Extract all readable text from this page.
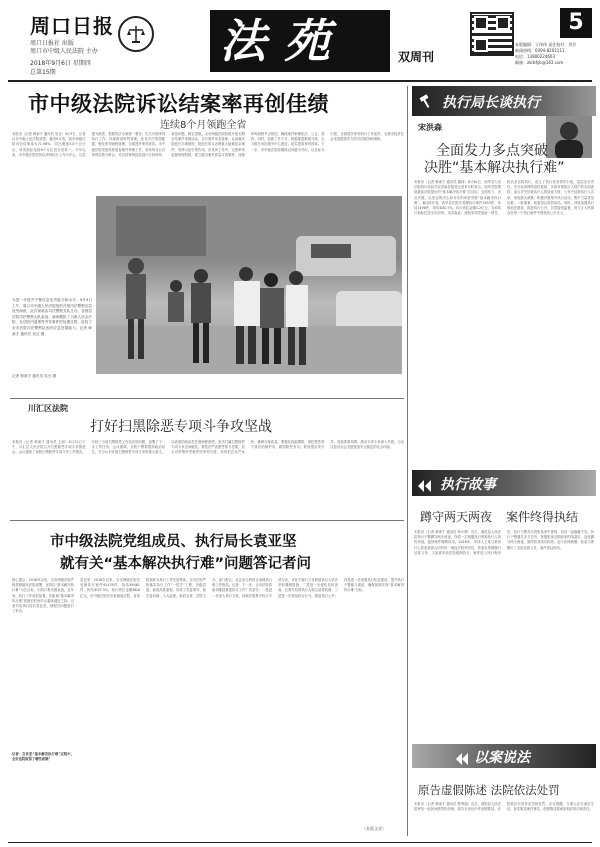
周口日报
周口日报社 出版
周口市中级人民法院 主办
2018年9月6日 星期四
总第15期
法苑	双周刊
5
本版编辑：王伟伟 责任校对：刘芳
新闻热线：0394-8202111
电话：13900224603
邮箱：zkrbfyb@163.com
市中级法院诉讼结案率再创佳绩
连续8个月领跑全省
本报讯（记者 韩秉才 通讯员 吴豆）9月3日，记者从市中级人民法院获悉，截至8月底，我市两级法院诉讼结案率为71.96%，同比增加5.8个百分点，该项指标连续8个月位居全省第一。今年以来，市中级法院坚持以审判执行工作为中心，以党建为统领，狠抓执法办案第一要务，扎实开展审判执行工作，持续推进审判管理，优化司法资源配置，强化审判流程管理，全面提升审判质效。市中级法院党组高度重视案件审理工作，坚持每月召开审判态势分析会，对各项审判指标进行分析研判，查找问题，制定措施。全市两级法院积极开展长期未结案件清理活动，实行案件动态管理，认真落实院庭长办案制度，院庭长带头办理重大疑难复杂案件，发挥示范引领作用。在具体工作中，完善审判监督管理机制，建立健全案件质量评查制度，加强审判流程节点管控，确保案件审理依法、公正、高效。同时，创新工作方式，积极推进繁简分流，大力推行诉讼服务中心建设，切实提高审判效率。下一步，市中级法院将继续以问题为导向，以目标为引领，全面提升审判执行工作质效，为我市经济社会发展提供有力的司法服务和保障。
为进一步提升干警应急处突能力和水平，9月4日上午，周口市中级人民法院组织开展司法警察应急处突演练，此次演练由司法警察支队主办，各基层法院司法警察大队参加。演练模拟了当事人冲击法院、在法院内滋事等突发事件的处置过程，检验了全市法院司法警察队伍的应急处置能力。记者 韩秉才 通讯员 吴豆 摄
记者 韩秉才 通讯员 吴豆 摄
川汇区法院
打好扫黑除恶专项斗争攻坚战
本报讯（记者 韩秉才 通讯员 王丽）8月31日下午，川汇区人民法院召开扫黑除恶专项斗争推进会。会议通报了该院扫黑除恶专项斗争工作情况，分析了当前扫黑除恶工作存在的问题，部署了下一步工作任务。会议强调，全院干警要提高政治站位，充分认识开展扫黑除恶专项斗争的重大意义，以高度的政治责任感和使命感，坚决打赢扫黑除恶专项斗争这场硬仗。要依法严惩黑恶势力犯罪，加大对涉黑涉恶案件的审判力度，坚持依法从严从快，确保办案质量。要强化线索摸排，深挖黑恶势力背后的保护伞，做到除恶务尽。要加强宣传引导，营造浓厚氛围，推动专项斗争深入开展，为全区经济社会发展营造安全稳定的社会环境。
市中级法院党组成员、执行局长袁亚坚
就有关“基本解决执行难”问题答记者问
核心提示：2016年以来，全市两级法院严格按照最高法院部署，坚持以“基本解决执行难”为总目标，向执行难全面宣战。近年来，执行工作成效显著。在距离“基本解决执行难”的最后时间节点越来越近之际，记者对话执行局长袁亚坚，就相关问题进行了采访。
记者：在攻坚“基本解决执行难”过程中，全市法院取得了哪些成绩？
袁亚坚：2016年以来，全市两级法院共受理执行案件92478件，执结89561件，执结率97.5%，执行到位金额68.6亿元。市中级法院先后被最高法院、省高院表彰为执行工作先进集体。全市法院严格落实执行工作“一把手”工程，各级党委、政府高度重视，形成了党委领导、政法委协调、人大监督、政府支持、法院主办、部门配合、社会参与的综合治理执行难工作格局。记者：下一步，全市法院将如何继续推进执行工作？袁亚坚：一是进一步加大执行力度，持续开展集中执行专项行动，对拒不履行义务的被执行人依法采取强制措施；二是进一步强化信用惩戒，完善失信被执行人联合惩戒机制；三是进一步规范执行行为，推进执行公开；四是进一步加强执行队伍建设，提升执行干警能力素质，确保如期实现“基本解决执行难”目标。
（本版文章）
执行局长谈执行
宋洪森
全面发力多点突破
决胜“基本解决执行难”
本报讯（记者 韩秉才 通讯员 董林）8月30日，西华县人民法院执行局局长宋洪森在接受记者采访时表示，西华法院围绕最高法院提出的“基本解决执行难”总目标，全面发力、多点突破，以坚定的决心和务实的举措决胜“基本解决执行难”。截至8月底，西华县法院共受理执行案件1853件，执结1496件，执结率80.7%，执行到位金额1.2亿元，各项执行指标位居全市前列。宋洪森说，该院坚持党组统一领导，院长亲自抓执行，成立了执行攻坚领导小组，层层压实责任。充分运用网络查控系统，实现对被执行人财产的全面查控；加大对失信被执行人的惩戒力度，公布失信被执行人名单，形成强大威慑；积极开展集中执行活动，集中力量攻坚克难，一批难案、积案得以有效执结。同时，持续加强执行规范化建设，推进执行公开，自觉接受监督，努力让人民群众在每一个执行案件中感受到公平正义。
执行故事
蹲守两天两夜 案件终得执结
本报讯（记者 韩秉才 通讯员 杨小辉）近日，鹿邑县人民法院执行干警蹲守两天两夜，终将一名规避执行的被执行人拘传到庭，促使案件顺利执结。2016年，申请人王某与被执行人张某借款合同纠纷一案经法院判决后，张某未按期履行还款义务，王某遂申请法院强制执行。案件进入执行程序后，执行干警多次到张某家中查找，但其一直躲避不见。执行干警通过多方走访，掌握张某近期回家的线索后，连续蹲守两天两夜，最终将其成功拘传。迫于法律威慑，张某当即履行了全部还款义务，案件得以执结。
以案说法
原告虚假陈述 法院依法处罚
本报讯（记者 韩秉才 通讯员 程秀丽）近日，淮阳县人民法院审结一起民间借贷纠纷案，原告在诉讼中作虚假陈述，法院依法对其作出罚款处罚。法官提醒，当事人应当诚实守信，如实陈述案件事实，虚假陈述将承担相应的法律责任。
